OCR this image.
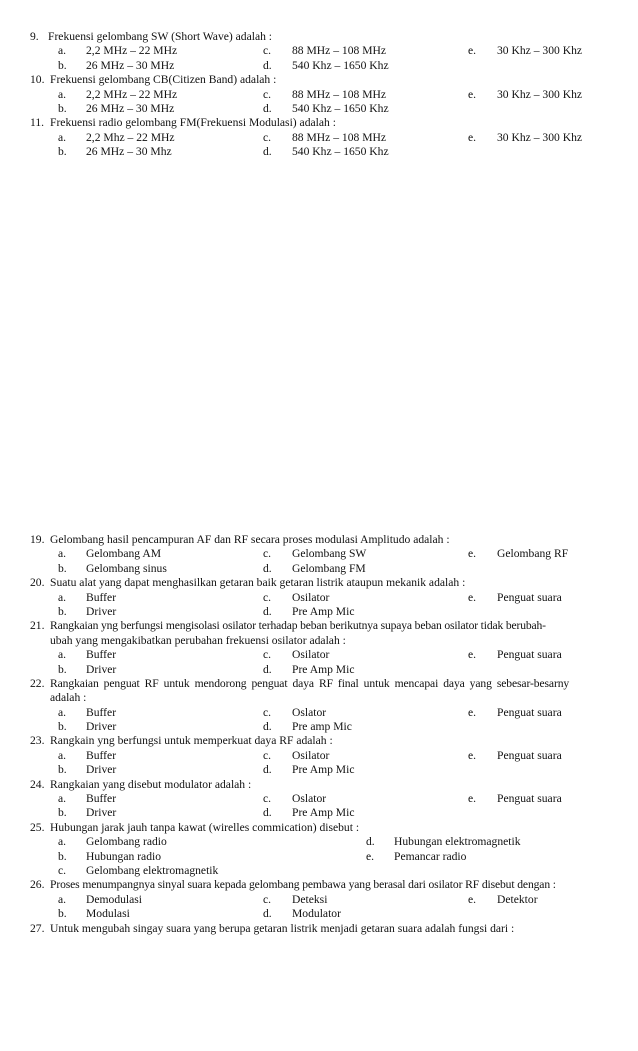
9. Frekuensi gelombang SW (Short Wave) adalah :
a. 2,2 MHz – 22 MHz	c. 88 MHz – 108 MHz	e. 30 Khz – 300 Khz
b. 26 MHz – 30 MHz	d. 540 Khz – 1650 Khz
10. Frekuensi gelombang CB(Citizen Band) adalah :
a. 2,2 MHz – 22 MHz	c. 88 MHz – 108 MHz	e. 30 Khz – 300 Khz
b. 26 MHz – 30 MHz	d. 540 Khz – 1650 Khz
11. Frekuensi radio gelombang FM(Frekuensi Modulasi) adalah :
a. 2,2 Mhz – 22 MHz	c. 88 MHz – 108 MHz	e. 30 Khz – 300 Khz
b. 26 MHz – 30 Mhz	d. 540 Khz – 1650 Khz
19. Gelombang hasil pencampuran AF dan RF secara proses modulasi Amplitudo adalah :
a. Gelombang AM	c. Gelombang SW	e. Gelombang RF
b. Gelombang sinus	d. Gelombang FM
20. Suatu alat yang dapat menghasilkan getaran baik getaran listrik ataupun mekanik adalah :
a. Buffer	c. Osilator	e. Penguat suara
b. Driver	d. Pre Amp Mic
21. Rangkaian yng berfungsi mengisolasi osilator terhadap beban berikutnya supaya beban osilator tidak berubah-
ubah yang mengakibatkan perubahan frekuensi osilator adalah :
a. Buffer	c. Osilator	e. Penguat suara
b. Driver	d. Pre Amp Mic
22. Rangkaian penguat RF untuk mendorong penguat daya RF final untuk mencapai daya yang sebesar-besarny
adalah :
a. Buffer	c. Oslator	e. Penguat suara
b. Driver	d. Pre amp Mic
23. Rangkain yng berfungsi untuk memperkuat daya RF adalah :
a. Buffer	c. Osilator	e. Penguat suara
b. Driver	d. Pre Amp Mic
24. Rangkaian yang disebut modulator adalah :
a. Buffer	c. Oslator	e. Penguat suara
b. Driver	d. Pre Amp Mic
25. Hubungan jarak jauh tanpa kawat (wirelles commication) disebut :
a. Gelombang radio	d. Hubungan elektromagnetik
b. Hubungan radio	e. Pemancar radio
c. Gelombang elektromagnetik
26. Proses menumpangnya sinyal suara kepada gelombang pembawa yang berasal dari osilator RF disebut dengan :
a. Demodulasi	c. Deteksi	e. Detektor
b. Modulasi	d. Modulator
27. Untuk mengubah singay suara yang berupa getaran listrik menjadi getaran suara adalah fungsi dari :
